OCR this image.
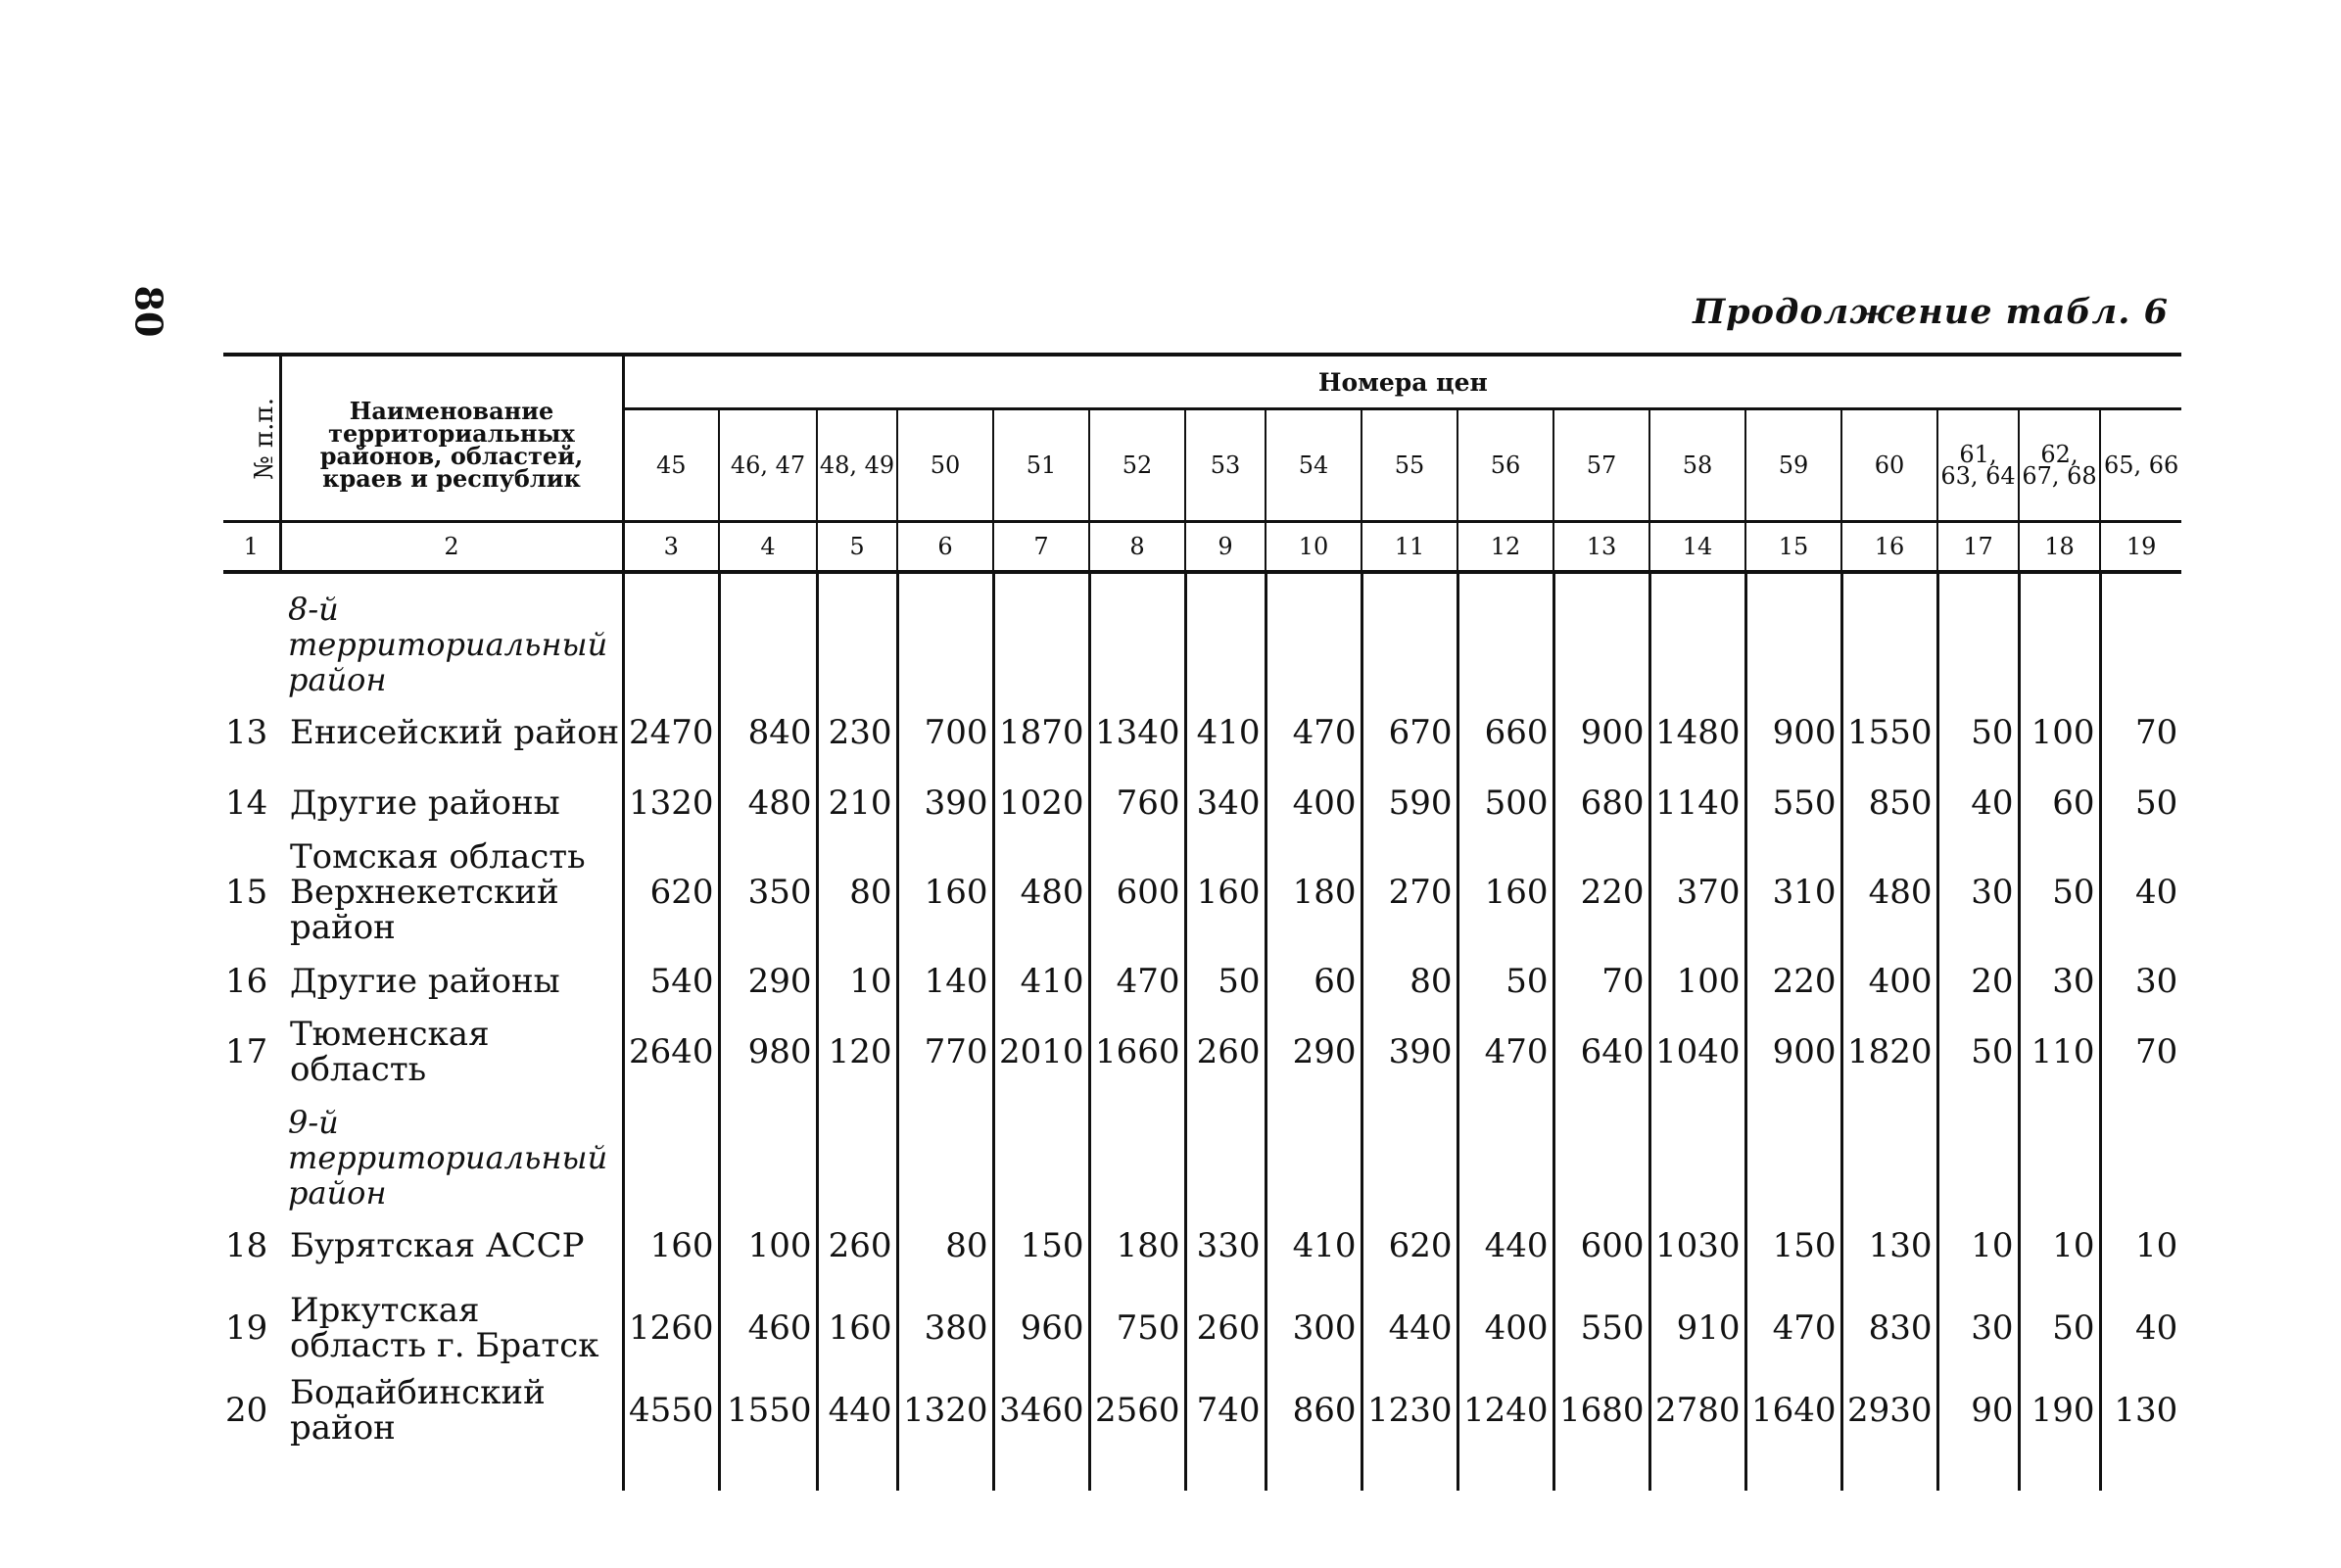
80	Продолжение табл. 6
№ п.п.	Наименование территориальных районов, областей, краев и республик	Номера цен																
		45	46, 47	48, 49	50	51	52	53	54	55	56	57	58	59	60	61, 63, 64	62, 67, 68	65, 66
1	2	3	4	5	6	7	8	9	10	11	12	13	14	15	16	17	18	19
	8-й территориальный район																	
13	Енисейский район	2470	840	230	700	1870	1340	410	470	670	660	900	1480	900	1550	50	100	70
14	Другие районы	1320	480	210	390	1020	760	340	400	590	500	680	1140	550	850	40	60	50
15	Томская область Верхнекетский район	620	350	80	160	480	600	160	180	270	160	220	370	310	480	30	50	40
16	Другие районы	540	290	10	140	410	470	50	60	80	50	70	100	220	400	20	30	30
17	Тюменская область	2640	980	120	770	2010	1660	260	290	390	470	640	1040	900	1820	50	110	70
	9-й территориальный район																	
18	Бурятская АССР	160	100	260	80	150	180	330	410	620	440	600	1030	150	130	10	10	10
19	Иркутская область г. Братск	1260	460	160	380	960	750	260	300	440	400	550	910	470	830	30	50	40
20	Бодайбинский район	4550	1550	440	1320	3460	2560	740	860	1230	1240	1680	2780	1640	2930	90	190	130
